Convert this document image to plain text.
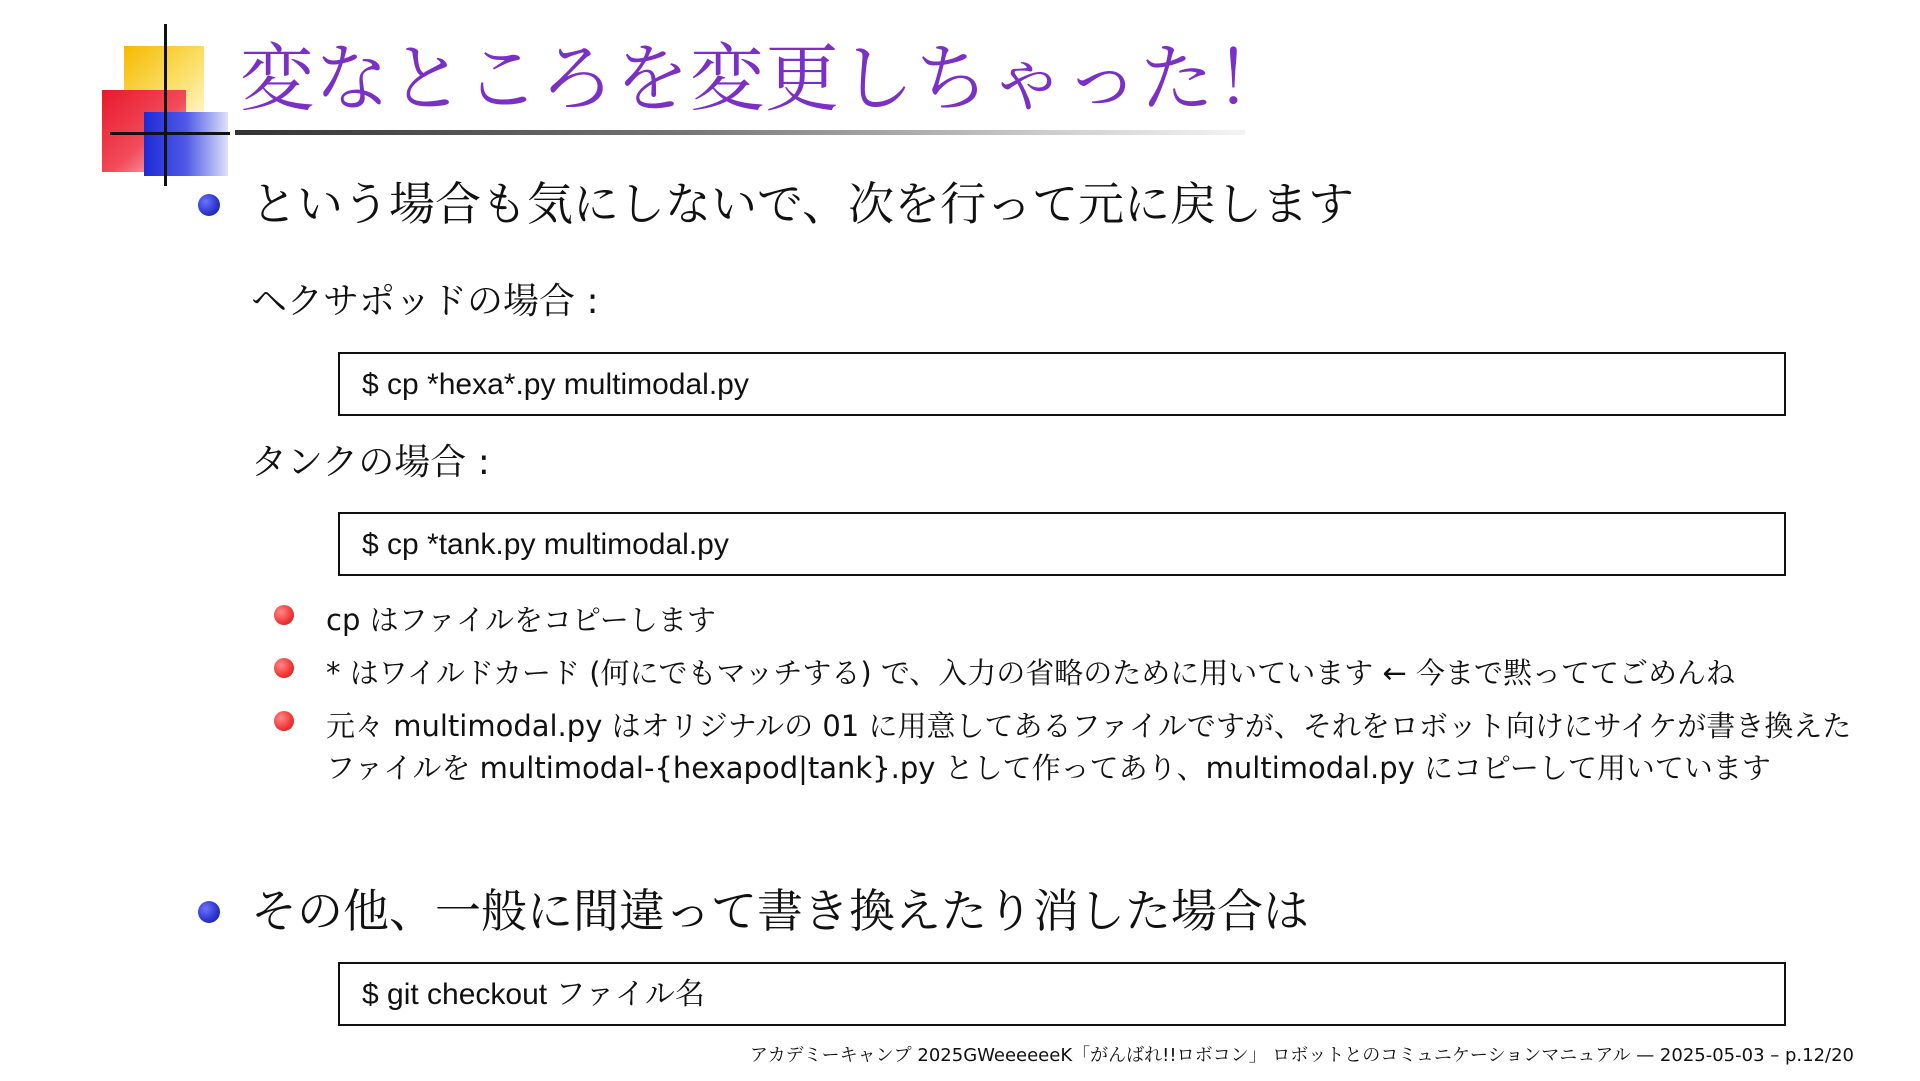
変なところを変更しちゃった！
という場合も気にしないで、次を行って元に戻します
ヘクサポッドの場合 :
$ cp *hexa*.py multimodal.py
タンクの場合 :
$ cp *tank.py multimodal.py
cp はファイルをコピーします
* はワイルドカード (何にでもマッチする) で、入力の省略のために用いています ← 今まで黙っててごめんね
元々 multimodal.py はオリジナルの 01 に用意してあるファイルですが、それをロボット向けにサイケが書き換えた
ファイルを multimodal-{hexapod|tank}.py として作ってあり、multimodal.py にコピーして用いています
その他、一般に間違って書き換えたり消した場合は
$ git checkout ファイル名
アカデミーキャンプ 2025GWeeeeeeK「がんばれ!!ロボコン」 ロボットとのコミュニケーションマニュアル — 2025-05-03 – p.12/20
